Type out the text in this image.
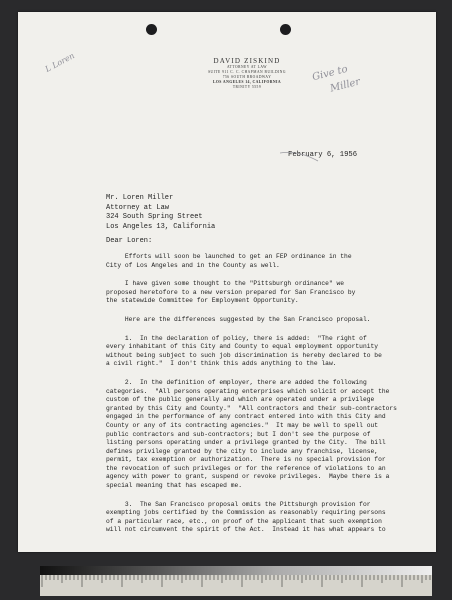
L Loren	Give to
Miller
DAVID ZISKIND
ATTORNEY AT LAW
SUITE 911 C. C. CHAPMAN BUILDING
756 SOUTH BROADWAY
LOS ANGELES 14, CALIFORNIA
TRINITY 5559
February 6, 1956
Mr. Loren Miller
Attorney at Law
324 South Spring Street
Los Angeles 13, California
Dear Loren:
Efforts will soon be launched to get an FEP ordinance in the
City of Los Angeles and in the County as well.
I have given some thought to the "Pittsburgh ordinance" we
proposed heretofore to a new version prepared for San Francisco by
the statewide Committee for Employment Opportunity.
Here are the differences suggested by the San Francisco proposal.
1.  In the declaration of policy, there is added:  "The right of
every inhabitant of this City and County to equal employment opportunity
without being subject to such job discrimination is hereby declared to be
a civil right."  I don't think this adds anything to the law.
2.  In the definition of employer, there are added the following
categories.  "All persons operating enterprises which solicit or accept the
custom of the public generally and which are operated under a privilege
granted by this City and County."  "All contractors and their sub-contractors
engaged in the performance of any contract entered into with this City and
County or any of its contracting agencies."  It may be well to spell out
public contractors and sub-contractors; but I don't see the purpose of
listing persons operating under a privilege granted by the City.  The bill
defines privilege granted by the city to include any franchise, license,
permit, tax exemption or authorization.  There is no special provision for
the revocation of such privileges or for the reference of violations to an
agency with power to grant, suspend or revoke privileges.  Maybe there is a
special meaning that has escaped me.
3.  The San Francisco proposal omits the Pittsburgh provision for
exempting jobs certified by the Commission as reasonably requiring persons
of a particular race, etc., on proof of the applicant that such exemption
will not circumvent the spirit of the Act.  Instead it has what appears to
